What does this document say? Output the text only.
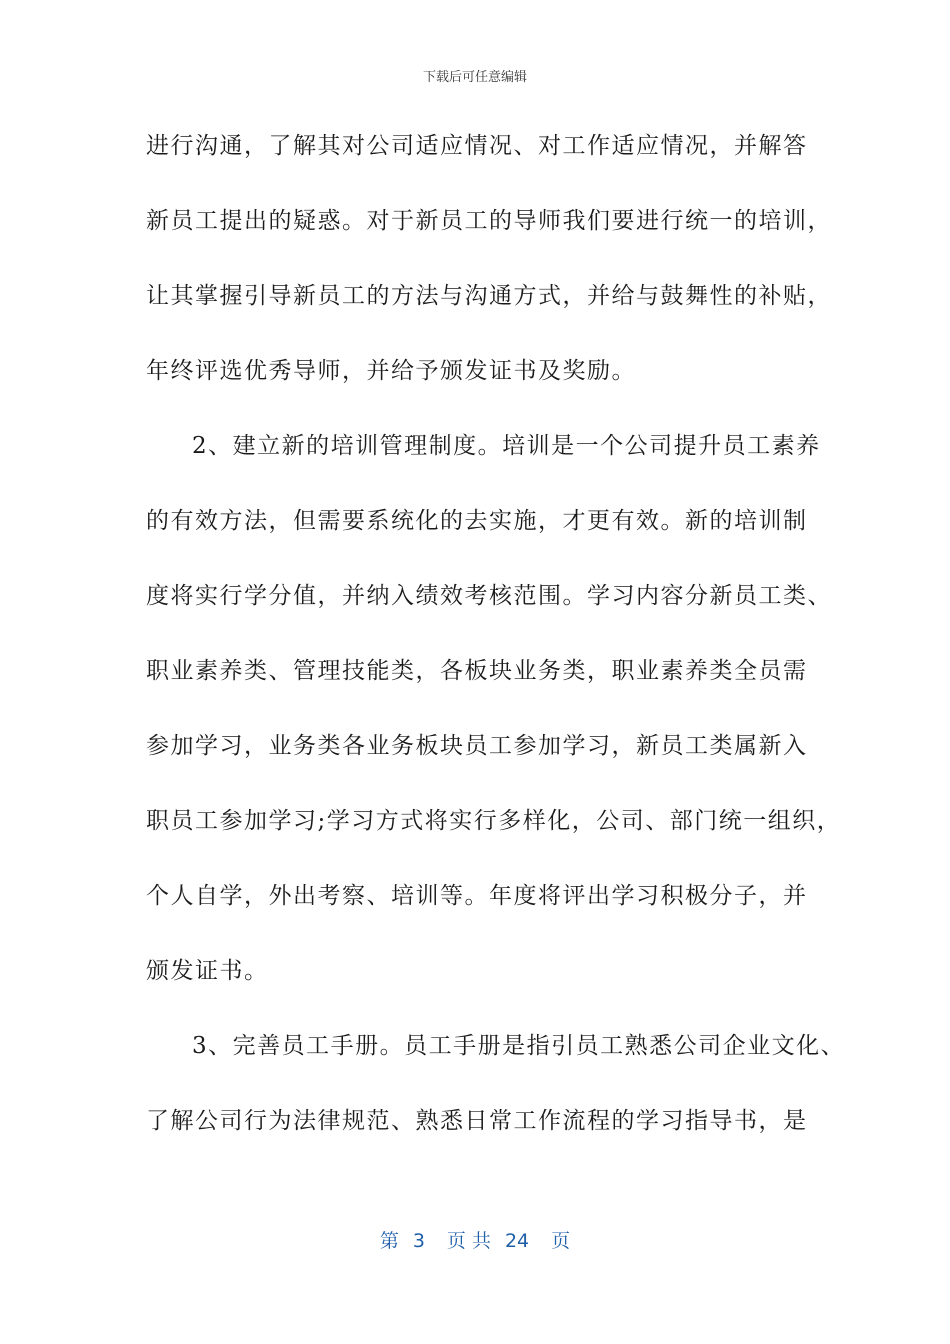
下载后可任意编辑
进行沟通，了解其对公司适应情况、对工作适应情况，并解答
新员工提出的疑惑。对于新员工的导师我们要进行统一的培训，
让其掌握引导新员工的方法与沟通方式，并给与鼓舞性的补贴，
年终评选优秀导师，并给予颁发证书及奖励。
2、建立新的培训管理制度。培训是一个公司提升员工素养
的有效方法，但需要系统化的去实施，才更有效。新的培训制
度将实行学分值，并纳入绩效考核范围。学习内容分新员工类、
职业素养类、管理技能类，各板块业务类，职业素养类全员需
参加学习，业务类各业务板块员工参加学习，新员工类属新入
职员工参加学习;学习方式将实行多样化，公司、部门统一组织，
个人自学，外出考察、培训等。年度将评出学习积极分子，并
颁发证书。
3、完善员工手册。员工手册是指引员工熟悉公司企业文化、
了解公司行为法律规范、熟悉日常工作流程的学习指导书，是
第 3 页 共 24 页
